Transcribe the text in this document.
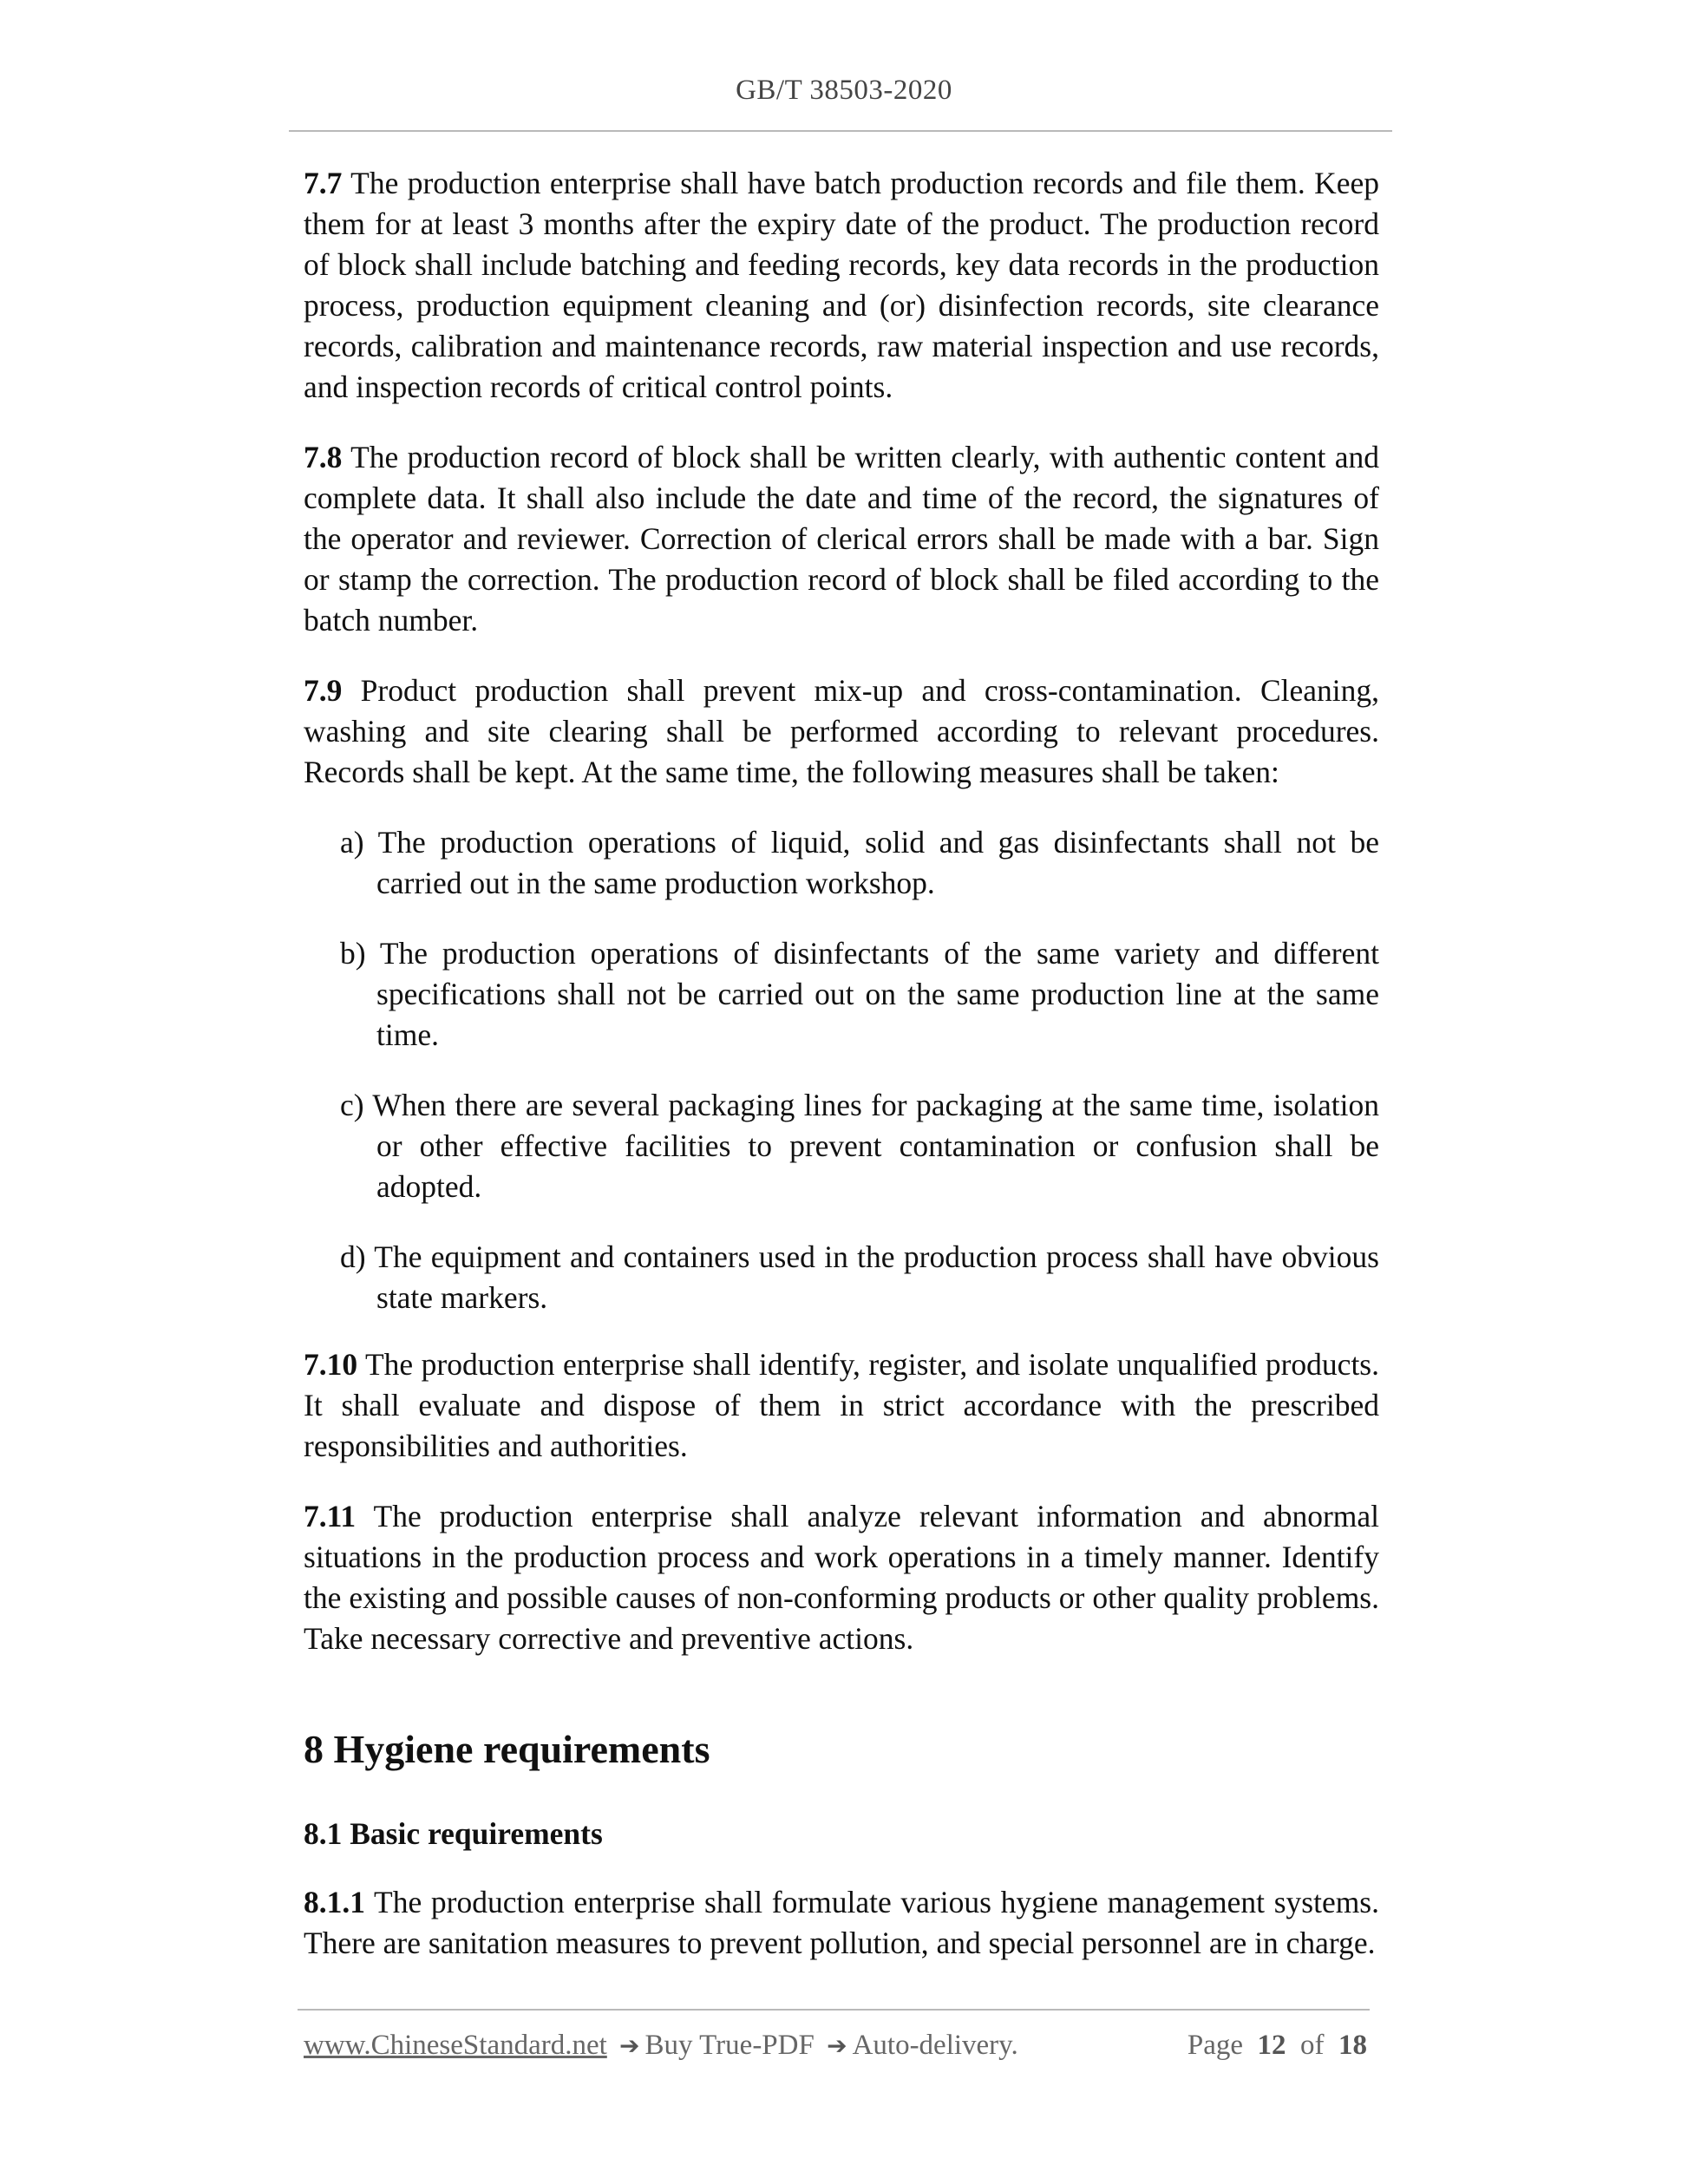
GB/T 38503-2020

7.7 The production enterprise shall have batch production records and file them. Keep them for at least 3 months after the expiry date of the product. The production record of block shall include batching and feeding records, key data records in the production process, production equipment cleaning and (or) disinfection records, site clearance records, calibration and maintenance records, raw material inspection and use records, and inspection records of critical control points.

7.8 The production record of block shall be written clearly, with authentic content and complete data. It shall also include the date and time of the record, the signatures of the operator and reviewer. Correction of clerical errors shall be made with a bar. Sign or stamp the correction. The production record of block shall be filed according to the batch number.

7.9 Product production shall prevent mix-up and cross-contamination. Cleaning, washing and site clearing shall be performed according to relevant procedures. Records shall be kept. At the same time, the following measures shall be taken:

a) The production operations of liquid, solid and gas disinfectants shall not be carried out in the same production workshop.

b) The production operations of disinfectants of the same variety and different specifications shall not be carried out on the same production line at the same time.

c) When there are several packaging lines for packaging at the same time, isolation or other effective facilities to prevent contamination or confusion shall be adopted.

d) The equipment and containers used in the production process shall have obvious state markers.

7.10 The production enterprise shall identify, register, and isolate unqualified products. It shall evaluate and dispose of them in strict accordance with the prescribed responsibilities and authorities.

7.11 The production enterprise shall analyze relevant information and abnormal situations in the production process and work operations in a timely manner. Identify the existing and possible causes of non-conforming products or other quality problems. Take necessary corrective and preventive actions.

8 Hygiene requirements
8.1 Basic requirements

8.1.1 The production enterprise shall formulate various hygiene management systems. There are sanitation measures to prevent pollution, and special personnel are in charge.

www.ChineseStandard.net ➔ Buy True-PDF ➔ Auto-delivery.	Page 12 of 18
